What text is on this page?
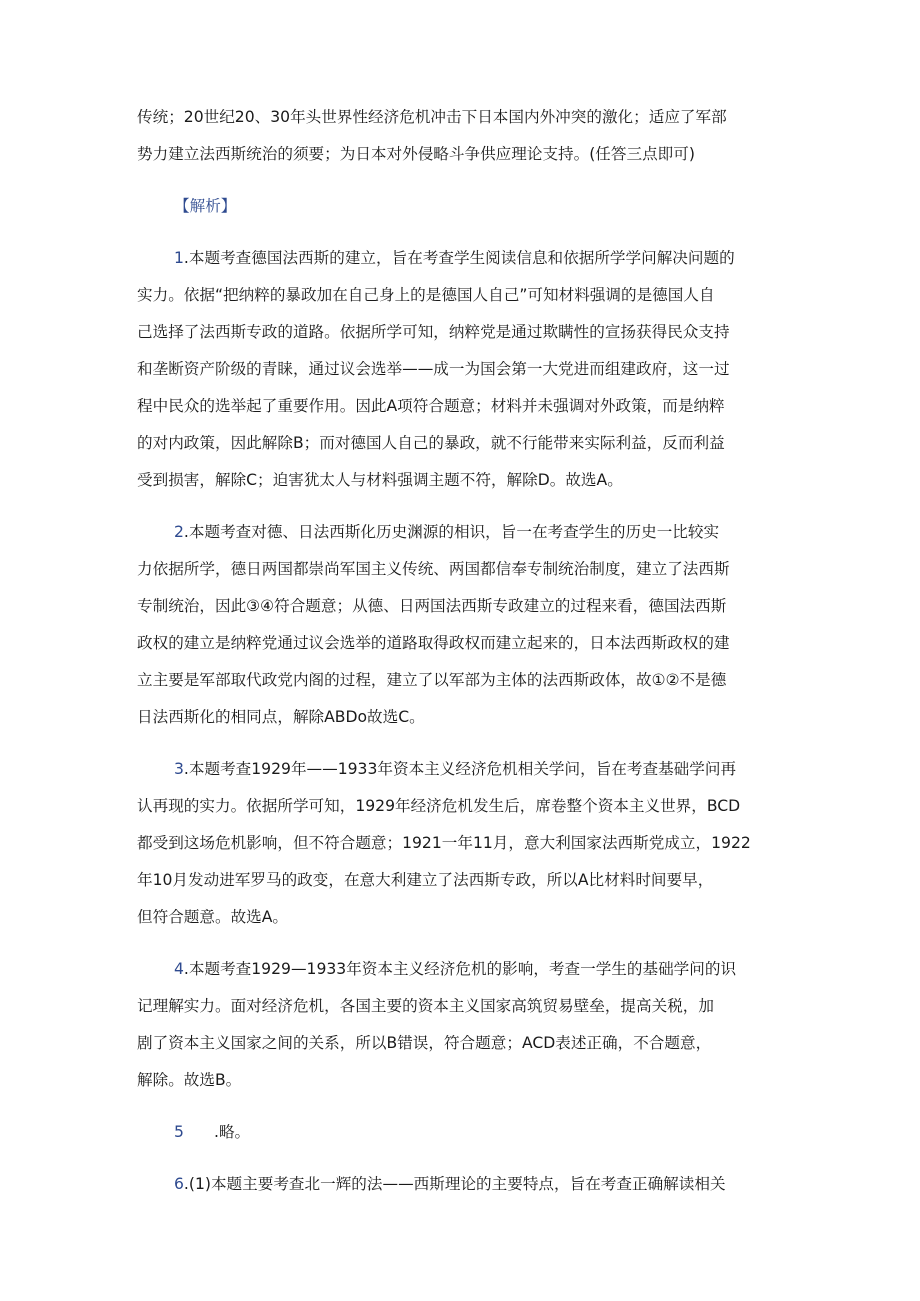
传统；20世纪20、30年头世界性经济危机冲击下日本国内外冲突的激化；适应了军部
势力建立法西斯统治的须要；为日本对外侵略斗争供应理论支持。(任答三点即可)
【解析】
1.本题考查德国法西斯的建立，旨在考查学生阅读信息和依据所学学问解决问题的
实力。依据“把纳粹的暴政加在自己身上的是德国人自己”可知材料强调的是德国人自
己选择了法西斯专政的道路。依据所学可知，纳粹党是通过欺瞒性的宣扬获得民众支持
和垄断资产阶级的青睐，通过议会选举——成一为国会第一大党进而组建政府，这一过
程中民众的选举起了重要作用。因此A项符合题意；材料并未强调对外政策，而是纳粹
的对内政策，因此解除B；而对德国人自己的暴政，就不行能带来实际利益，反而利益
受到损害，解除C；迫害犹太人与材料强调主题不符，解除D。故选A。
2.本题考查对德、日法西斯化历史渊源的相识，旨一在考查学生的历史一比较实
力依据所学，德日两国都崇尚军国主义传统、两国都信奉专制统治制度，建立了法西斯
专制统治，因此③④符合题意；从德、日两国法西斯专政建立的过程来看，德国法西斯
政权的建立是纳粹党通过议会选举的道路取得政权而建立起来的，日本法西斯政权的建
立主要是军部取代政党内阁的过程，建立了以军部为主体的法西斯政体，故①②不是德
日法西斯化的相同点，解除ABDo故选C。
3.本题考查1929年——1933年资本主义经济危机相关学问，旨在考查基础学问再
认再现的实力。依据所学可知，1929年经济危机发生后，席卷整个资本主义世界，BCD
都受到这场危机影响，但不符合题意；1921一年11月，意大利国家法西斯党成立，1922
年10月发动进军罗马的政变，在意大利建立了法西斯专政，所以A比材料时间要早，
但符合题意。故选A。
4.本题考查1929—1933年资本主义经济危机的影响，考查一学生的基础学问的识
记理解实力。面对经济危机，各国主要的资本主义国家高筑贸易壁垒，提高关税，加
剧了资本主义国家之间的关系，所以B错误，符合题意；ACD表述正确，不合题意，
解除。故选B。
5 .略。
6.(1)本题主要考查北一辉的法——西斯理论的主要特点，旨在考查正确解读相关
